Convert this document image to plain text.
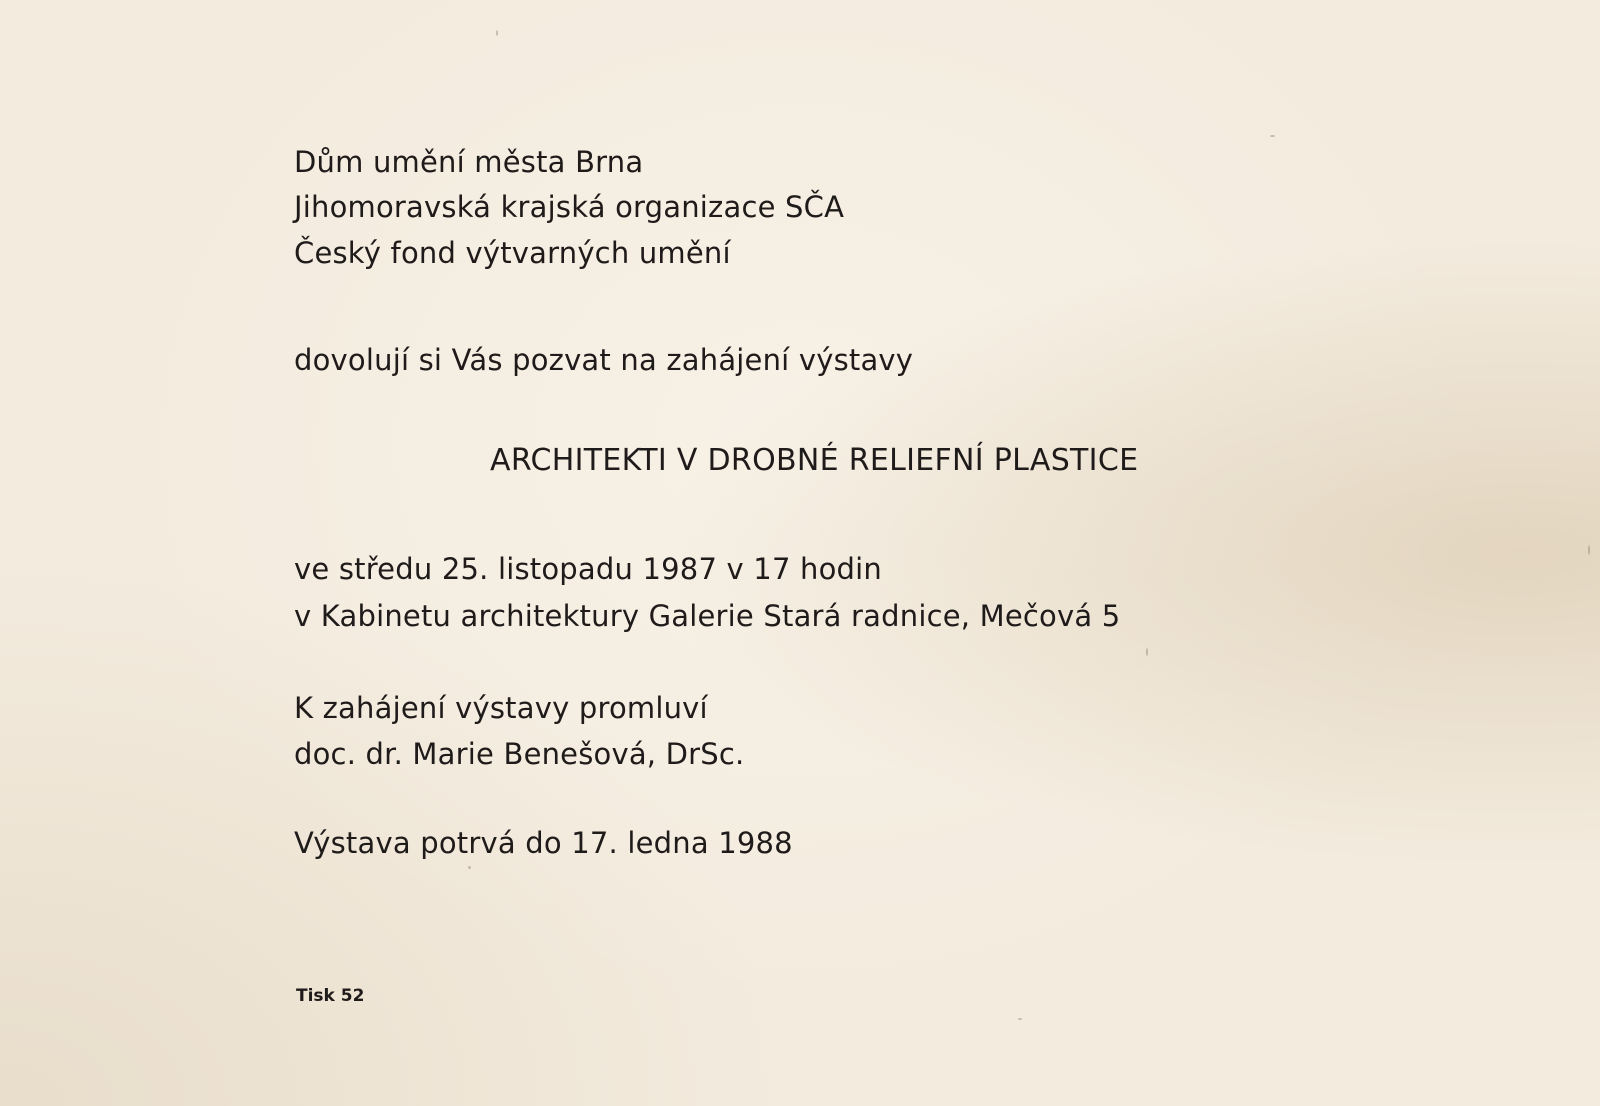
Dům umění města Brna
Jihomoravská krajská organizace SČA
Český fond výtvarných umění
dovolují si Vás pozvat na zahájení výstavy
ARCHITEKTI V DROBNÉ RELIEFNÍ PLASTICE
ve středu 25. listopadu 1987 v 17 hodin
v Kabinetu architektury Galerie Stará radnice, Mečová 5
K zahájení výstavy promluví
doc. dr. Marie Benešová, DrSc.
Výstava potrvá do 17. ledna 1988
Tisk 52
